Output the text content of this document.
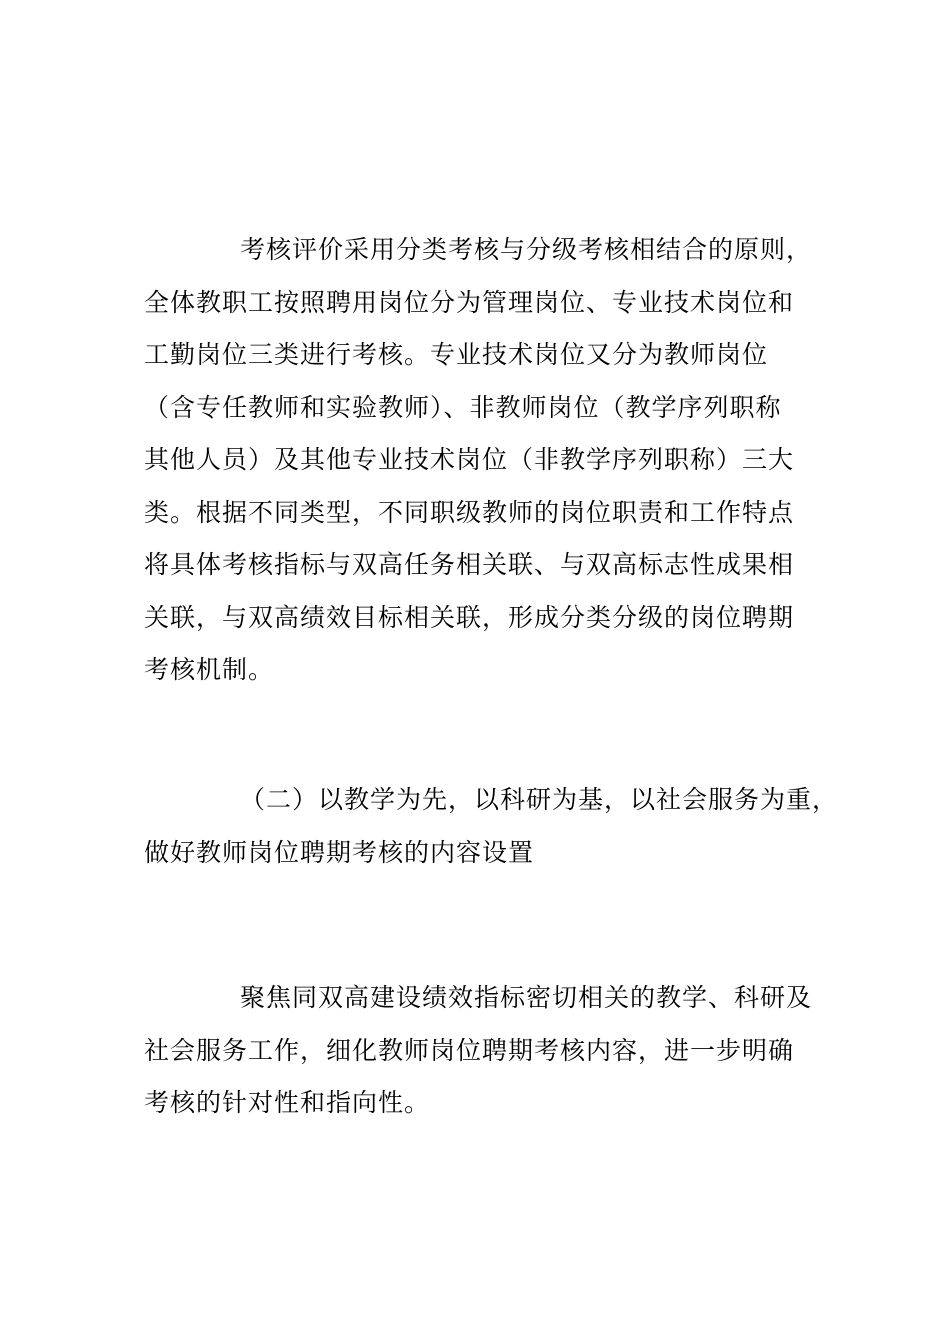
考核评价采用分类考核与分级考核相结合的原则，
全体教职工按照聘用岗位分为管理岗位、专业技术岗位和
工勤岗位三类进行考核。专业技术岗位又分为教师岗位
（含专任教师和实验教师）、非教师岗位（教学序列职称
其他人员）及其他专业技术岗位（非教学序列职称）三大
类。根据不同类型，不同职级教师的岗位职责和工作特点
将具体考核指标与双高任务相关联、与双高标志性成果相
关联，与双高绩效目标相关联，形成分类分级的岗位聘期
考核机制。
（二）以教学为先，以科研为基，以社会服务为重，
做好教师岗位聘期考核的内容设置
聚焦同双高建设绩效指标密切相关的教学、科研及
社会服务工作，细化教师岗位聘期考核内容，进一步明确
考核的针对性和指向性。
